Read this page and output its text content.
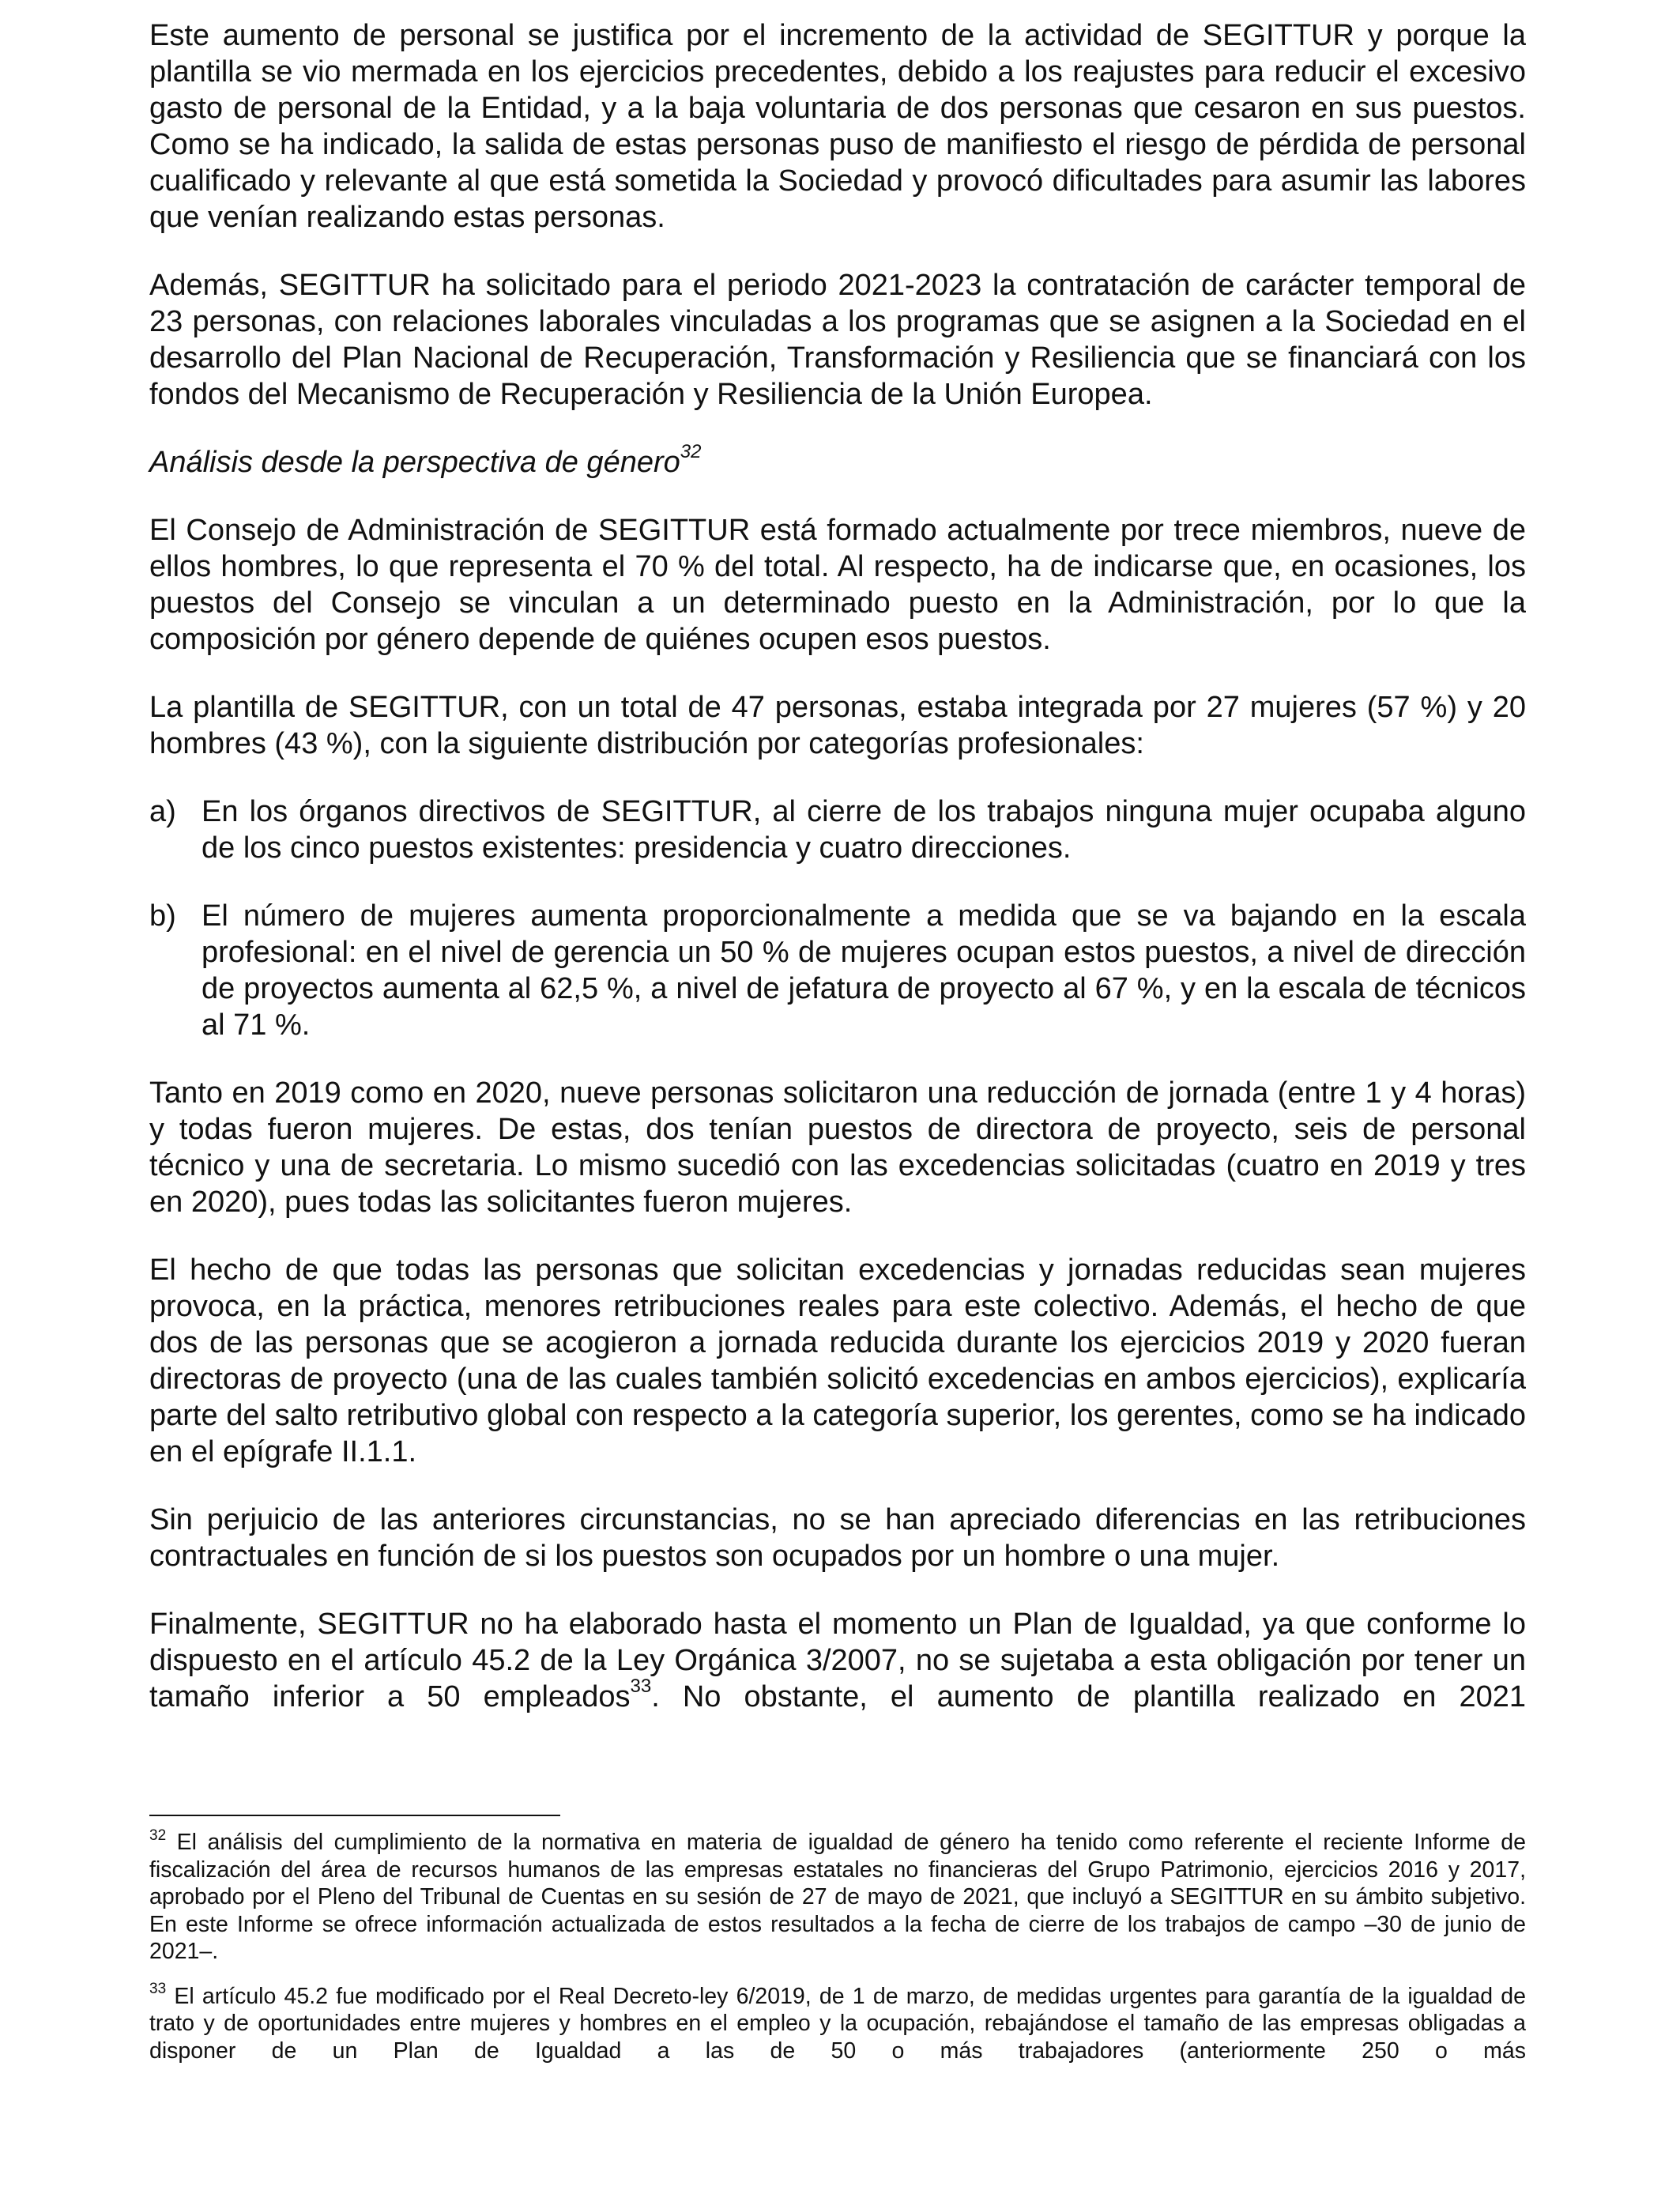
Este aumento de personal se justifica por el incremento de la actividad de SEGITTUR y porque la plantilla se vio mermada en los ejercicios precedentes, debido a los reajustes para reducir el excesivo gasto de personal de la Entidad, y a la baja voluntaria de dos personas que cesaron en sus puestos. Como se ha indicado, la salida de estas personas puso de manifiesto el riesgo de pérdida de personal cualificado y relevante al que está sometida la Sociedad y provocó dificultades para asumir las labores que venían realizando estas personas.

Además, SEGITTUR ha solicitado para el periodo 2021-2023 la contratación de carácter temporal de 23 personas, con relaciones laborales vinculadas a los programas que se asignen a la Sociedad en el desarrollo del Plan Nacional de Recuperación, Transformación y Resiliencia que se financiará con los fondos del Mecanismo de Recuperación y Resiliencia de la Unión Europea.

Análisis desde la perspectiva de género$^{32}$

El Consejo de Administración de SEGITTUR está formado actualmente por trece miembros, nueve de ellos hombres, lo que representa el 70 % del total. Al respecto, ha de indicarse que, en ocasiones, los puestos del Consejo se vinculan a un determinado puesto en la Administración, por lo que la composición por género depende de quiénes ocupen esos puestos.

La plantilla de SEGITTUR, con un total de 47 personas, estaba integrada por 27 mujeres (57 %) y 20 hombres (43 %), con la siguiente distribución por categorías profesionales:

a) En los órganos directivos de SEGITTUR, al cierre de los trabajos ninguna mujer ocupaba alguno de los cinco puestos existentes: presidencia y cuatro direcciones.
b) El número de mujeres aumenta proporcionalmente a medida que se va bajando en la escala profesional: en el nivel de gerencia un 50 % de mujeres ocupan estos puestos, a nivel de dirección de proyectos aumenta al 62,5 %, a nivel de jefatura de proyecto al 67 %, y en la escala de técnicos al 71 %.

Tanto en 2019 como en 2020, nueve personas solicitaron una reducción de jornada (entre 1 y 4 horas) y todas fueron mujeres. De estas, dos tenían puestos de directora de proyecto, seis de personal técnico y una de secretaria. Lo mismo sucedió con las excedencias solicitadas (cuatro en 2019 y tres en 2020), pues todas las solicitantes fueron mujeres.

El hecho de que todas las personas que solicitan excedencias y jornadas reducidas sean mujeres provoca, en la práctica, menores retribuciones reales para este colectivo. Además, el hecho de que dos de las personas que se acogieron a jornada reducida durante los ejercicios 2019 y 2020 fueran directoras de proyecto (una de las cuales también solicitó excedencias en ambos ejercicios), explicaría parte del salto retributivo global con respecto a la categoría superior, los gerentes, como se ha indicado en el epígrafe II.1.1.

Sin perjuicio de las anteriores circunstancias, no se han apreciado diferencias en las retribuciones contractuales en función de si los puestos son ocupados por un hombre o una mujer.

Finalmente, SEGITTUR no ha elaborado hasta el momento un Plan de Igualdad, ya que conforme lo dispuesto en el artículo 45.2 de la Ley Orgánica 3/2007, no se sujetaba a esta obligación por tener un tamaño inferior a 50 empleados$^{33}$. No obstante, el aumento de plantilla realizado en 2021

$^{32}$ El análisis del cumplimiento de la normativa en materia de igualdad de género ha tenido como referente el reciente Informe de fiscalización del área de recursos humanos de las empresas estatales no financieras del Grupo Patrimonio, ejercicios 2016 y 2017, aprobado por el Pleno del Tribunal de Cuentas en su sesión de 27 de mayo de 2021, que incluyó a SEGITTUR en su ámbito subjetivo. En este Informe se ofrece información actualizada de estos resultados a la fecha de cierre de los trabajos de campo –30 de junio de 2021–.

$^{33}$ El artículo 45.2 fue modificado por el Real Decreto-ley 6/2019, de 1 de marzo, de medidas urgentes para garantía de la igualdad de trato y de oportunidades entre mujeres y hombres en el empleo y la ocupación, rebajándose el tamaño de las empresas obligadas a disponer de un Plan de Igualdad a las de 50 o más trabajadores (anteriormente 250 o más
